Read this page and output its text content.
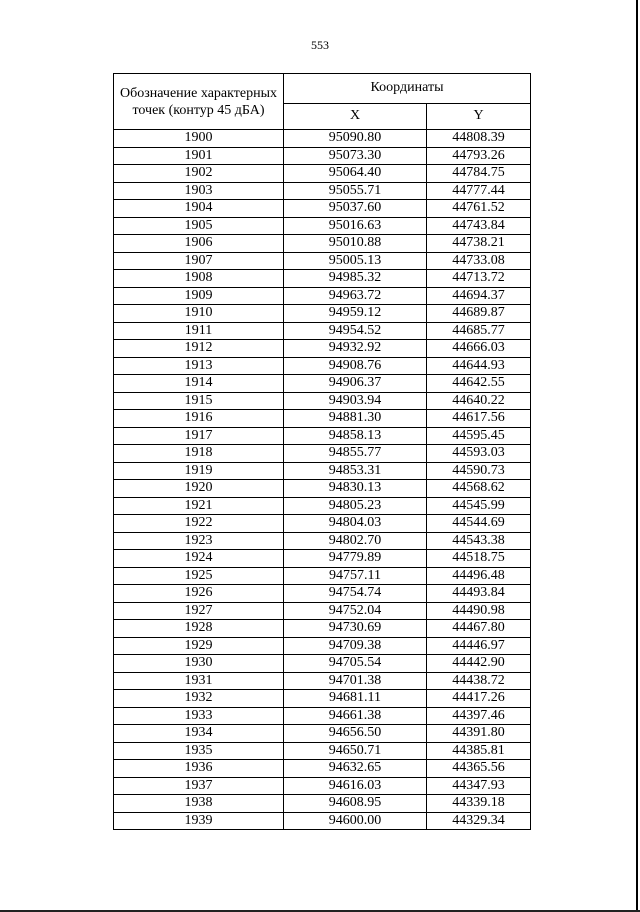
553
Обозначение характерных точек (контур 45 дБА)	Координаты	
	X	Y
1900	95090.80	44808.39
1901	95073.30	44793.26
1902	95064.40	44784.75
1903	95055.71	44777.44
1904	95037.60	44761.52
1905	95016.63	44743.84
1906	95010.88	44738.21
1907	95005.13	44733.08
1908	94985.32	44713.72
1909	94963.72	44694.37
1910	94959.12	44689.87
1911	94954.52	44685.77
1912	94932.92	44666.03
1913	94908.76	44644.93
1914	94906.37	44642.55
1915	94903.94	44640.22
1916	94881.30	44617.56
1917	94858.13	44595.45
1918	94855.77	44593.03
1919	94853.31	44590.73
1920	94830.13	44568.62
1921	94805.23	44545.99
1922	94804.03	44544.69
1923	94802.70	44543.38
1924	94779.89	44518.75
1925	94757.11	44496.48
1926	94754.74	44493.84
1927	94752.04	44490.98
1928	94730.69	44467.80
1929	94709.38	44446.97
1930	94705.54	44442.90
1931	94701.38	44438.72
1932	94681.11	44417.26
1933	94661.38	44397.46
1934	94656.50	44391.80
1935	94650.71	44385.81
1936	94632.65	44365.56
1937	94616.03	44347.93
1938	94608.95	44339.18
1939	94600.00	44329.34
